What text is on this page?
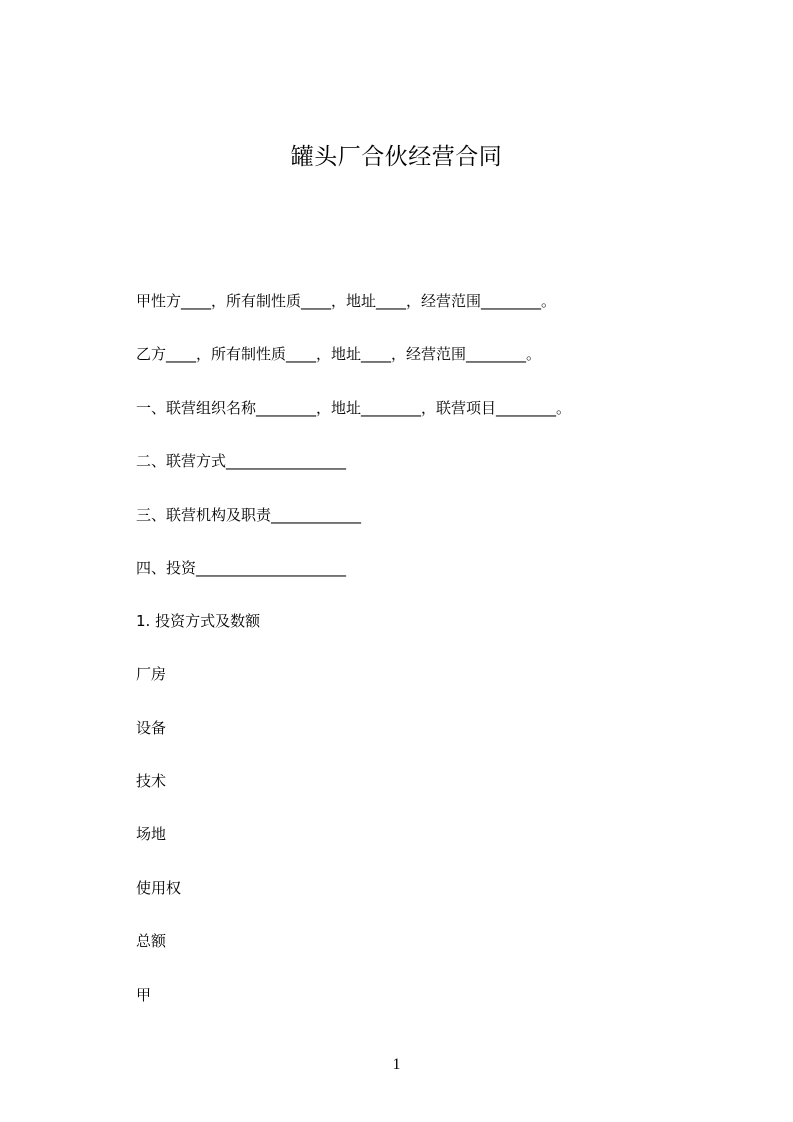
罐头厂合伙经营合同
甲性方____，所有制性质____，地址____，经营范围________。
乙方____，所有制性质____，地址____，经营范围________。
一、联营组织名称________，地址________，联营项目________。
二、联营方式________________
三、联营机构及职责____________
四、投资____________________
1. 投资方式及数额
厂房
设备
技术
场地
使用权
总额
甲
1
